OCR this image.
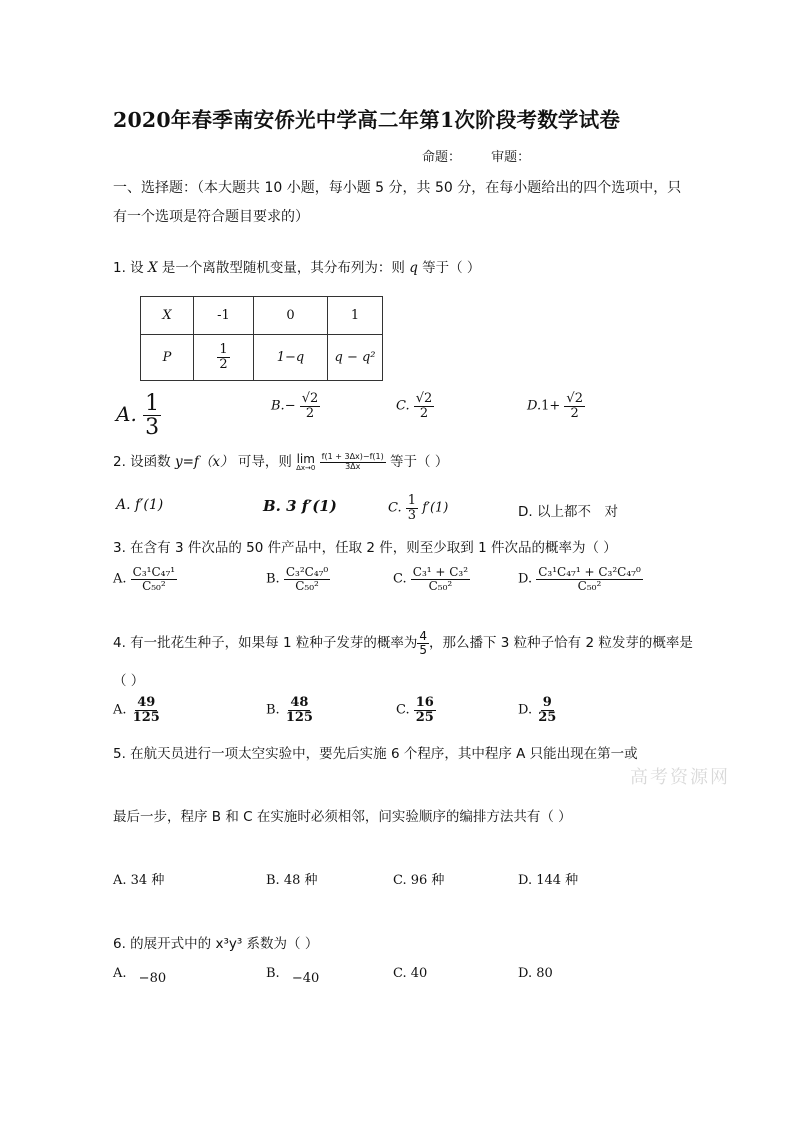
2020年春季南安侨光中学高二年第1次阶段考数学试卷
命题： 审题：
一、选择题：（本大题共 10 小题，每小题 5 分，共 50 分，在每小题给出的四个选项中，只
有一个选项是符合题目要求的）
1. 设 X 是一个离散型随机变量，其分布列为：则 q 等于（ ）
X	-1	0	1
P	$\frac{1}{2}$	1−q	q − q²
A. $\frac{1}{3}$	$B.- \frac{√2}{2}$	C. $\frac{√2}{2}$	$D.1+ \frac{√2}{2}$
2. 设函数 y=f（x） 可导，则 lim
Δx→0
$\frac{f(1 + 3\Delta x)-f(1)}{3\Delta x}$ 等于（ ）
A. f′(1)	B. 3 f′(1)	C. $\frac{1}{3} f'(1)$	D. 以上都不　对
3. 在含有 3 件次品的 50 件产品中，任取 2 件，则至少取到 1 件次品的概率为（ ）
A. $\frac{\text{C₃¹C₄₇¹}}{\text{C₅₀²}}$	B. $\frac{\text{C₃²C₄₇⁰}}{\text{C₅₀²}}$	C. $\frac{\text{C₃¹ + C₃²}}{\text{C₅₀²}}$	D. $\frac{\text{C₃¹C₄₇¹ + C₃²C₄₇⁰}}{\text{C₅₀²}}$
4. 有一批花生种子，如果每 1 粒种子发芽的概率为 $\frac{4}{5}$ ，那么播下 3 粒种子恰有 2 粒发芽的概率是
（ ）
A. $\frac{49}{125}$	B. $\frac{48}{125}$	C. $\frac{16}{25}$	D. $\frac{9}{25}$
5. 在航天员进行一项太空实验中，要先后实施 6 个程序，其中程序 A 只能出现在第一或
高考资源网
最后一步，程序 B 和 C 在实施时必须相邻，问实验顺序的编排方法共有（ ）
A. 34 种	B. 48 种	C. 96 种	D. 144 种
6. 的展开式中的 x³y³ 系数为（ ）
A. −80	B. −40	C. 40	D. 80
